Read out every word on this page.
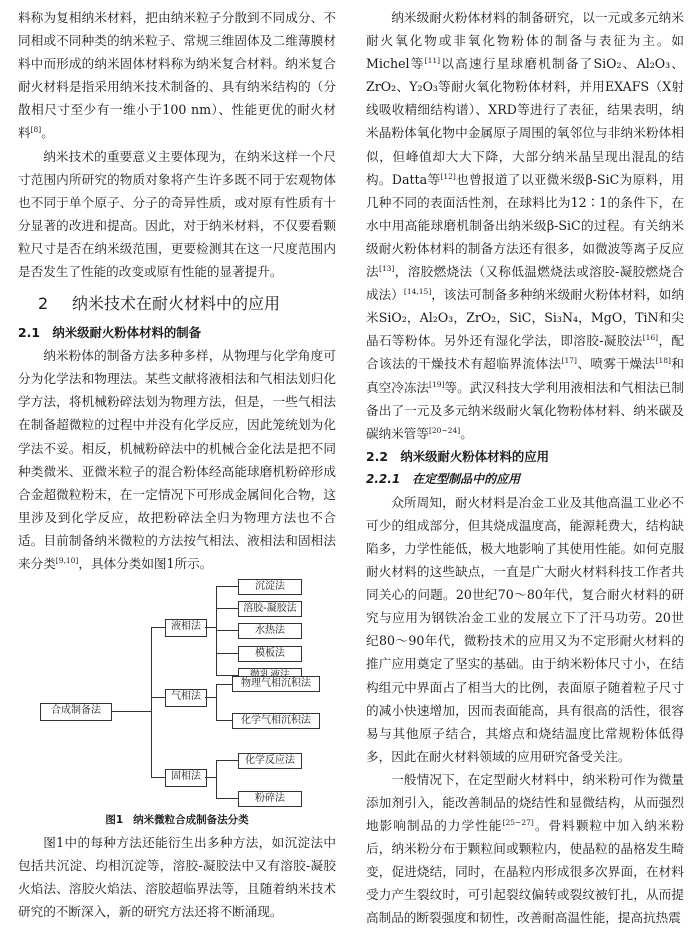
料称为复相纳米材料，把由纳米粒子分散到不同成分、不同相或不同种类的纳米粒子、常规三维固体及二维薄膜材料中而形成的纳米固体材料称为纳米复合材料。纳米复合耐火材料是指采用纳米技术制备的、具有纳米结构的（分散相尺寸至少有一维小于100 nm）、性能更优的耐火材料[8]。

纳米技术的重要意义主要体现为，在纳米这样一个尺寸范围内所研究的物质对象将产生许多既不同于宏观物体也不同于单个原子、分子的奇异性质，或对原有性质有十分显著的改进和提高。因此，对于纳米材料，不仅要看颗粒尺寸是否在纳米级范围，更要检测其在这一尺度范围内是否发生了性能的改变或原有性能的显著提升。

2 纳米技术在耐火材料中的应用
2.1　纳米级耐火粉体材料的制备

纳米粉体的制备方法多种多样，从物理与化学角度可分为化学法和物理法。某些文献将液相法和气相法划归化学方法，将机械粉碎法划为物理方法，但是，一些气相法在制备超微粒的过程中并没有化学反应，因此笼统划为化学法不妥。相反，机械粉碎法中的机械合金化法是把不同种类微米、亚微米粒子的混合粉体经高能球磨机粉碎形成合金超微粒粉末，在一定情况下可形成金属间化合物，这里涉及到化学反应，故把粉碎法全归为物理方法也不合适。目前制备纳米微粒的方法按气相法、液相法和固相法来分类[9,10]，具体分类如图1所示。

合成制备法
液相法
气相法
固相法
沉淀法
溶胶-凝胶法
水热法
模板法
物理气相沉积法
化学气相沉积法
化学反应法
粉碎法

图1 纳米微粒合成制备法分类

图1中的每种方法还能衍生出多种方法，如沉淀法中包括共沉淀、均相沉淀等，溶胶-凝胶法中又有溶胶-凝胶火焰法、溶胶火焰法、溶胶超临界法等，且随着纳米技术研究的不断深入，新的研究方法还将不断涌现。

纳米级耐火粉体材料的制备研究，以一元或多元纳米耐火氧化物或非氧化物粉体的制备与表征为主。如Michel等[11]以高速行星球磨机制备了SiO₂、Al₂O₃、ZrO₂、Y₂O₃等耐火氧化物粉体材料，并用EXAFS（X射线吸收精细结构谱）、XRD等进行了表征，结果表明，纳米晶粉体氧化物中金属原子周围的氧邻位与非纳米粉体相似，但峰值却大大下降，大部分纳米晶呈现出混乱的结构。Datta等[12]也曾报道了以亚微米级β-SiC为原料，用几种不同的表面活性剂，在球料比为12∶1的条件下，在水中用高能球磨机制备出纳米级β-SiC的过程。有关纳米级耐火粉体材料的制备方法还有很多，如微波等离子反应法[13]，溶胶燃烧法（又称低温燃烧法或溶胶-凝胶燃烧合成法）[14,15]，该法可制备多种纳米级耐火粉体材料，如纳米SiO₂，Al₂O₃，ZrO₂，SiC，Si₃N₄，MgO，TiN和尖晶石等粉体。另外还有湿化学法，即溶胶-凝胶法[16]，配合该法的干燥技术有超临界流体法[17]、喷雾干燥法[18]和真空冷冻法[19]等。武汉科技大学利用液相法和气相法已制备出了一元及多元纳米级耐火氧化物粉体材料、纳米碳及碳纳米管等[20~24]。

2.2　纳米级耐火粉体材料的应用
2.2.1　在定型制品中的应用

众所周知，耐火材料是冶金工业及其他高温工业必不可少的组成部分，但其烧成温度高，能源耗费大，结构缺陷多，力学性能低，极大地影响了其使用性能。如何克服耐火材料的这些缺点，一直是广大耐火材料科技工作者共同关心的问题。20世纪70～80年代，复合耐火材料的研究与应用为钢铁冶金工业的发展立下了汗马功劳。20世纪80～90年代，微粉技术的应用又为不定形耐火材料的推广应用奠定了坚实的基础。由于纳米粉体尺寸小，在结构组元中界面占了相当大的比例，表面原子随着粒子尺寸的减小快速增加，因而表面能高，具有很高的活性，很容易与其他原子结合，其熔点和烧结温度比常规粉体低得多，因此在耐火材料领域的应用研究备受关注。

一般情况下，在定型耐火材料中，纳米粉可作为微量添加剂引入，能改善制品的烧结性和显微结构，从而强烈地影响制品的力学性能[25~27]。骨料颗粒中加入纳米粉后，纳米粉分布于颗粒间或颗粒内，使晶粒的晶格发生畸变，促进烧结，同时，在晶粒内形成很多次界面，在材料受力产生裂纹时，可引起裂纹偏转或裂纹被钉扎，从而提高制品的断裂强度和韧性，改善耐高温性能，提高抗热震
